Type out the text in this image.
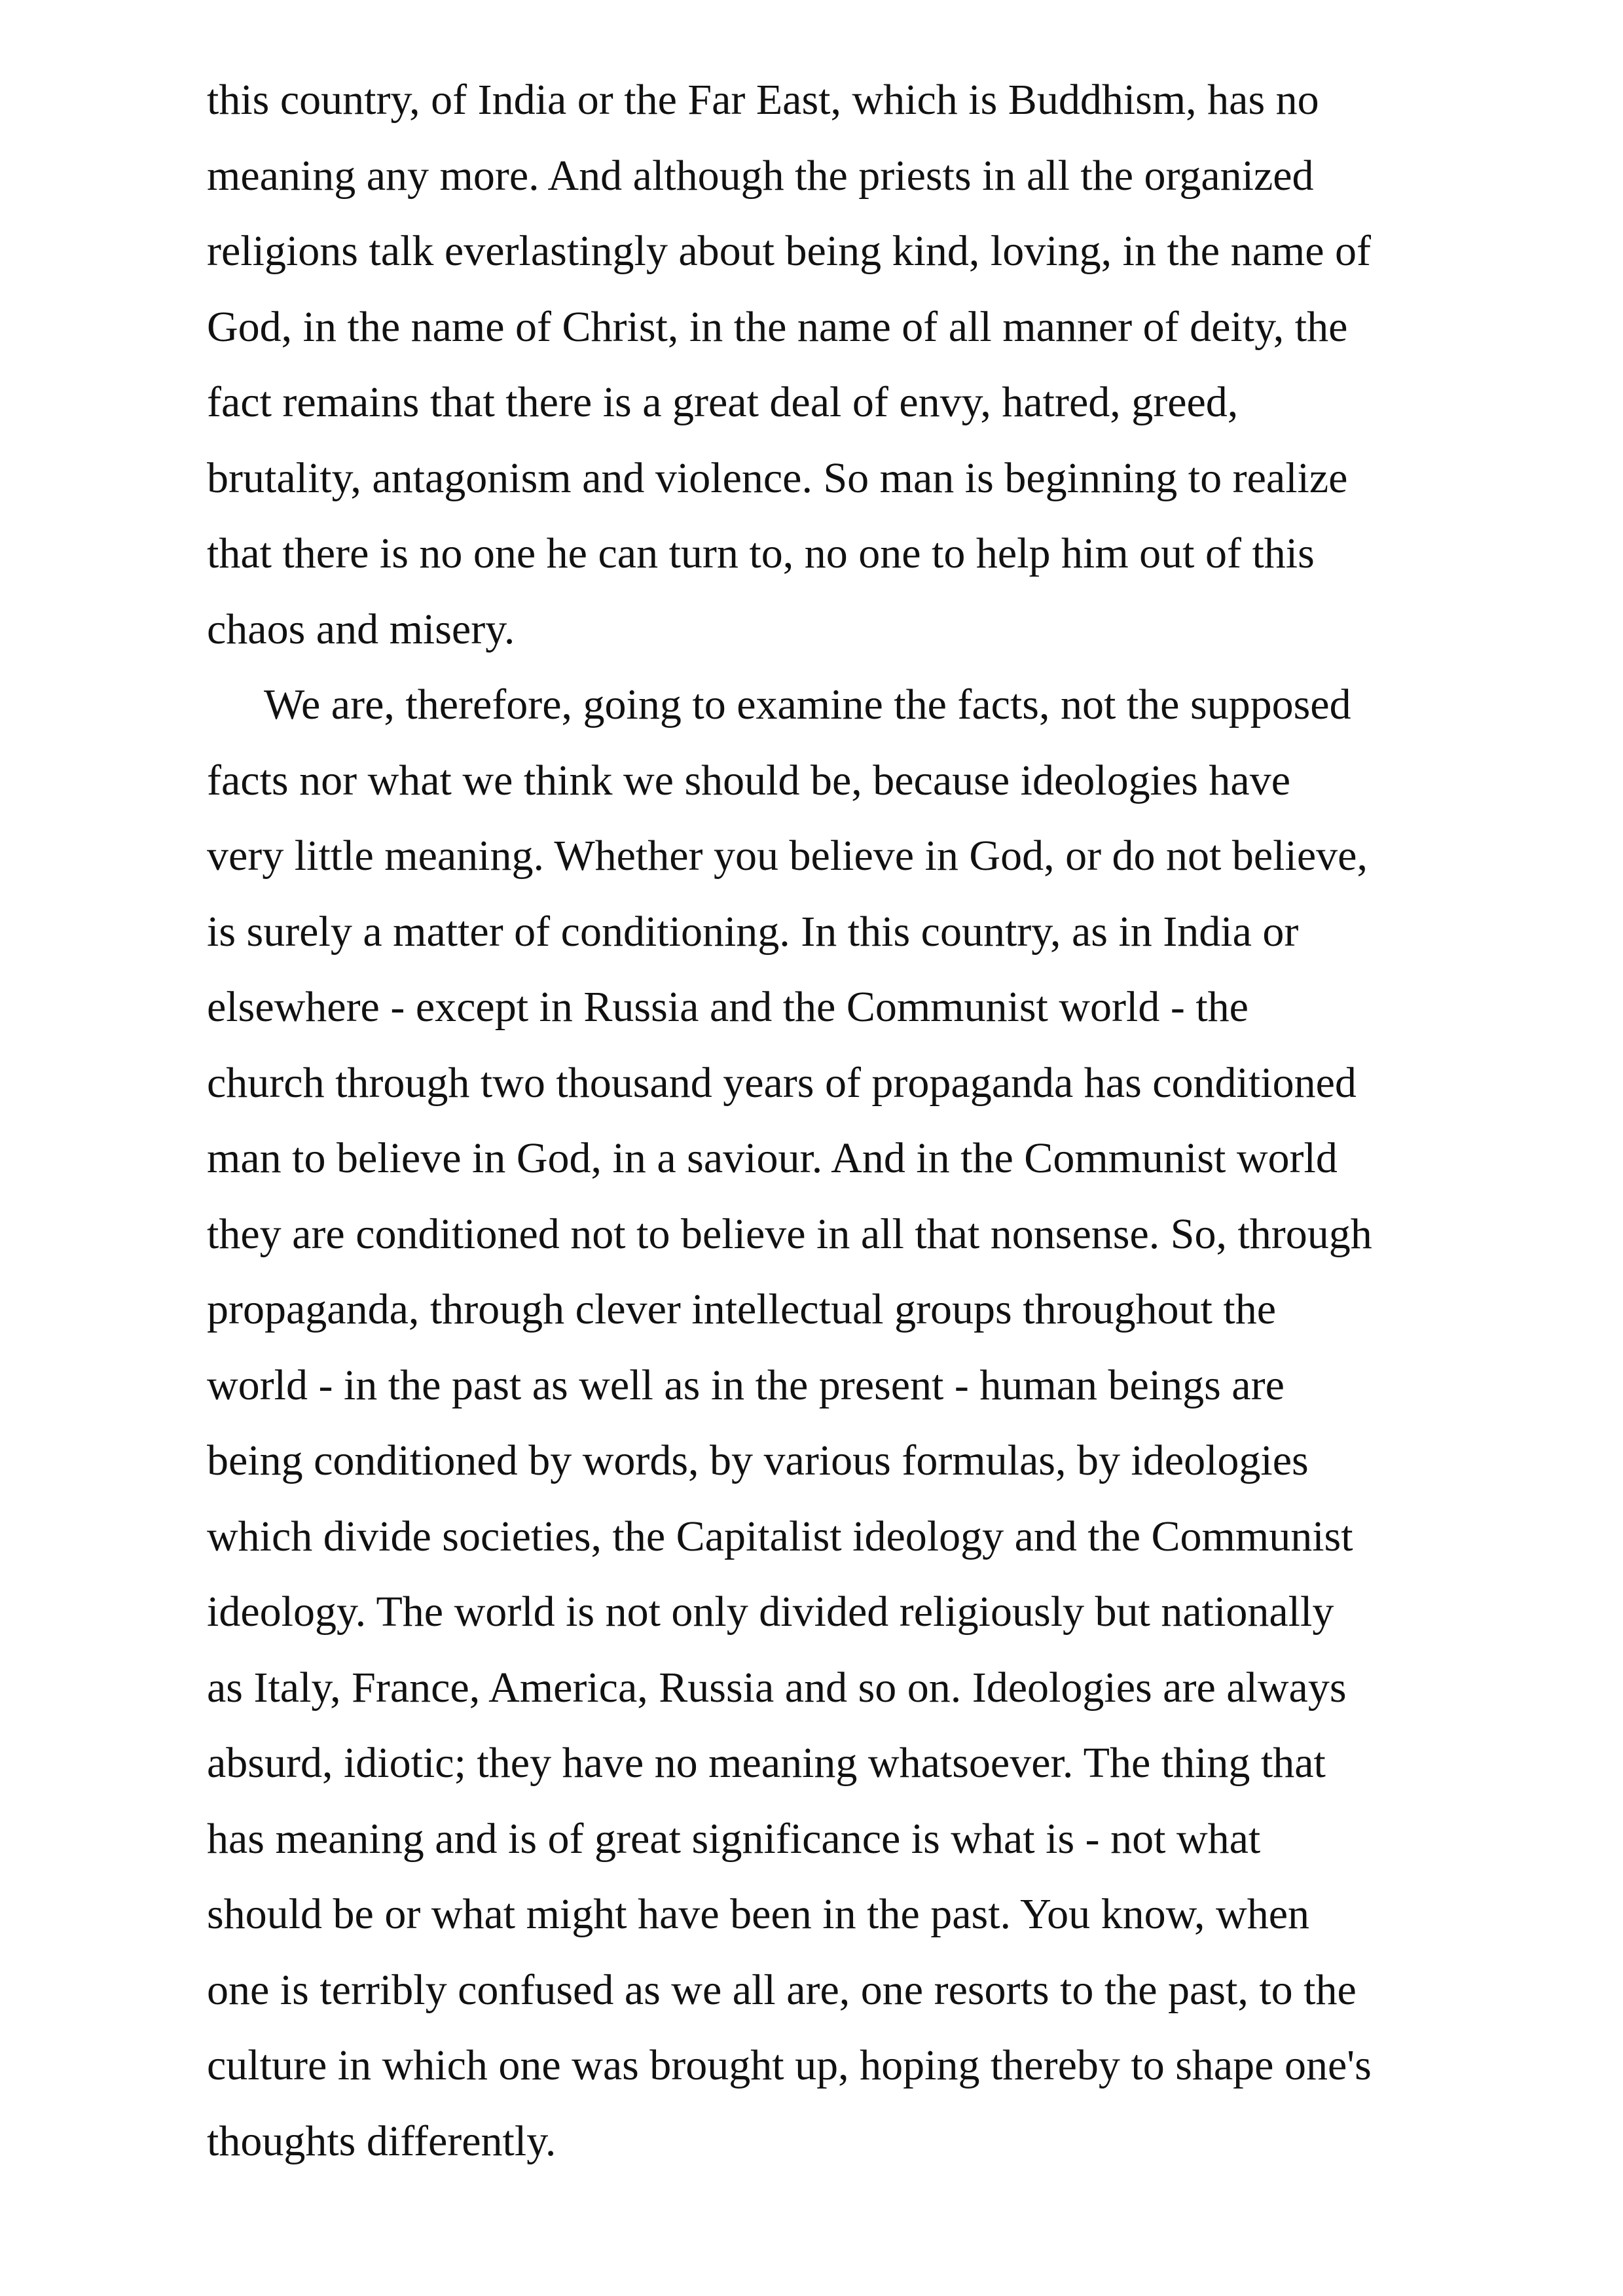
this country, of India or the Far East, which is Buddhism, has no
meaning any more. And although the priests in all the organized
religions talk everlastingly about being kind, loving, in the name of
God, in the name of Christ, in the name of all manner of deity, the
fact remains that there is a great deal of envy, hatred, greed,
brutality, antagonism and violence. So man is beginning to realize
that there is no one he can turn to, no one to help him out of this
chaos and misery.
We are, therefore, going to examine the facts, not the supposed
facts nor what we think we should be, because ideologies have
very little meaning. Whether you believe in God, or do not believe,
is surely a matter of conditioning. In this country, as in India or
elsewhere - except in Russia and the Communist world - the
church through two thousand years of propaganda has conditioned
man to believe in God, in a saviour. And in the Communist world
they are conditioned not to believe in all that nonsense. So, through
propaganda, through clever intellectual groups throughout the
world - in the past as well as in the present - human beings are
being conditioned by words, by various formulas, by ideologies
which divide societies, the Capitalist ideology and the Communist
ideology. The world is not only divided religiously but nationally
as Italy, France, America, Russia and so on. Ideologies are always
absurd, idiotic; they have no meaning whatsoever. The thing that
has meaning and is of great significance is what is - not what
should be or what might have been in the past. You know, when
one is terribly confused as we all are, one resorts to the past, to the
culture in which one was brought up, hoping thereby to shape one's
thoughts differently.
